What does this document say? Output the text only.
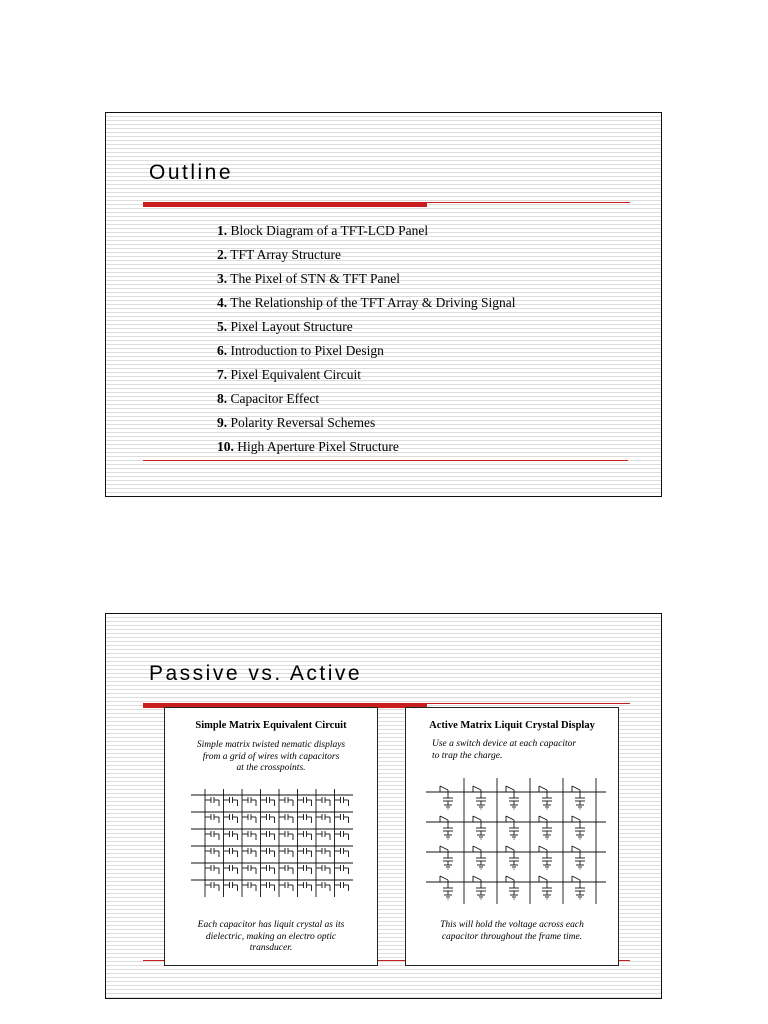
Outline
1. Block Diagram of a TFT-LCD Panel
2. TFT Array Structure
3. The Pixel of STN & TFT Panel
4. The Relationship of the TFT Array & Driving Signal
5. Pixel Layout Structure
6. Introduction to Pixel Design
7. Pixel Equivalent Circuit
8. Capacitor Effect
9. Polarity Reversal Schemes
10. High Aperture Pixel Structure
Passive vs. Active
Simple Matrix Equivalent Circuit
Simple matrix twisted nematic displays
from a grid of wires with capacitors
at the crosspoints.
Each capacitor has liquit crystal as its
dielectric, making an electro optic
transducer.
Active Matrix Liquit Crystal Display
Use a switch device at each capacitor
to trap the charge.
This will hold the voltage across each
capacitor throughout the frame time.
